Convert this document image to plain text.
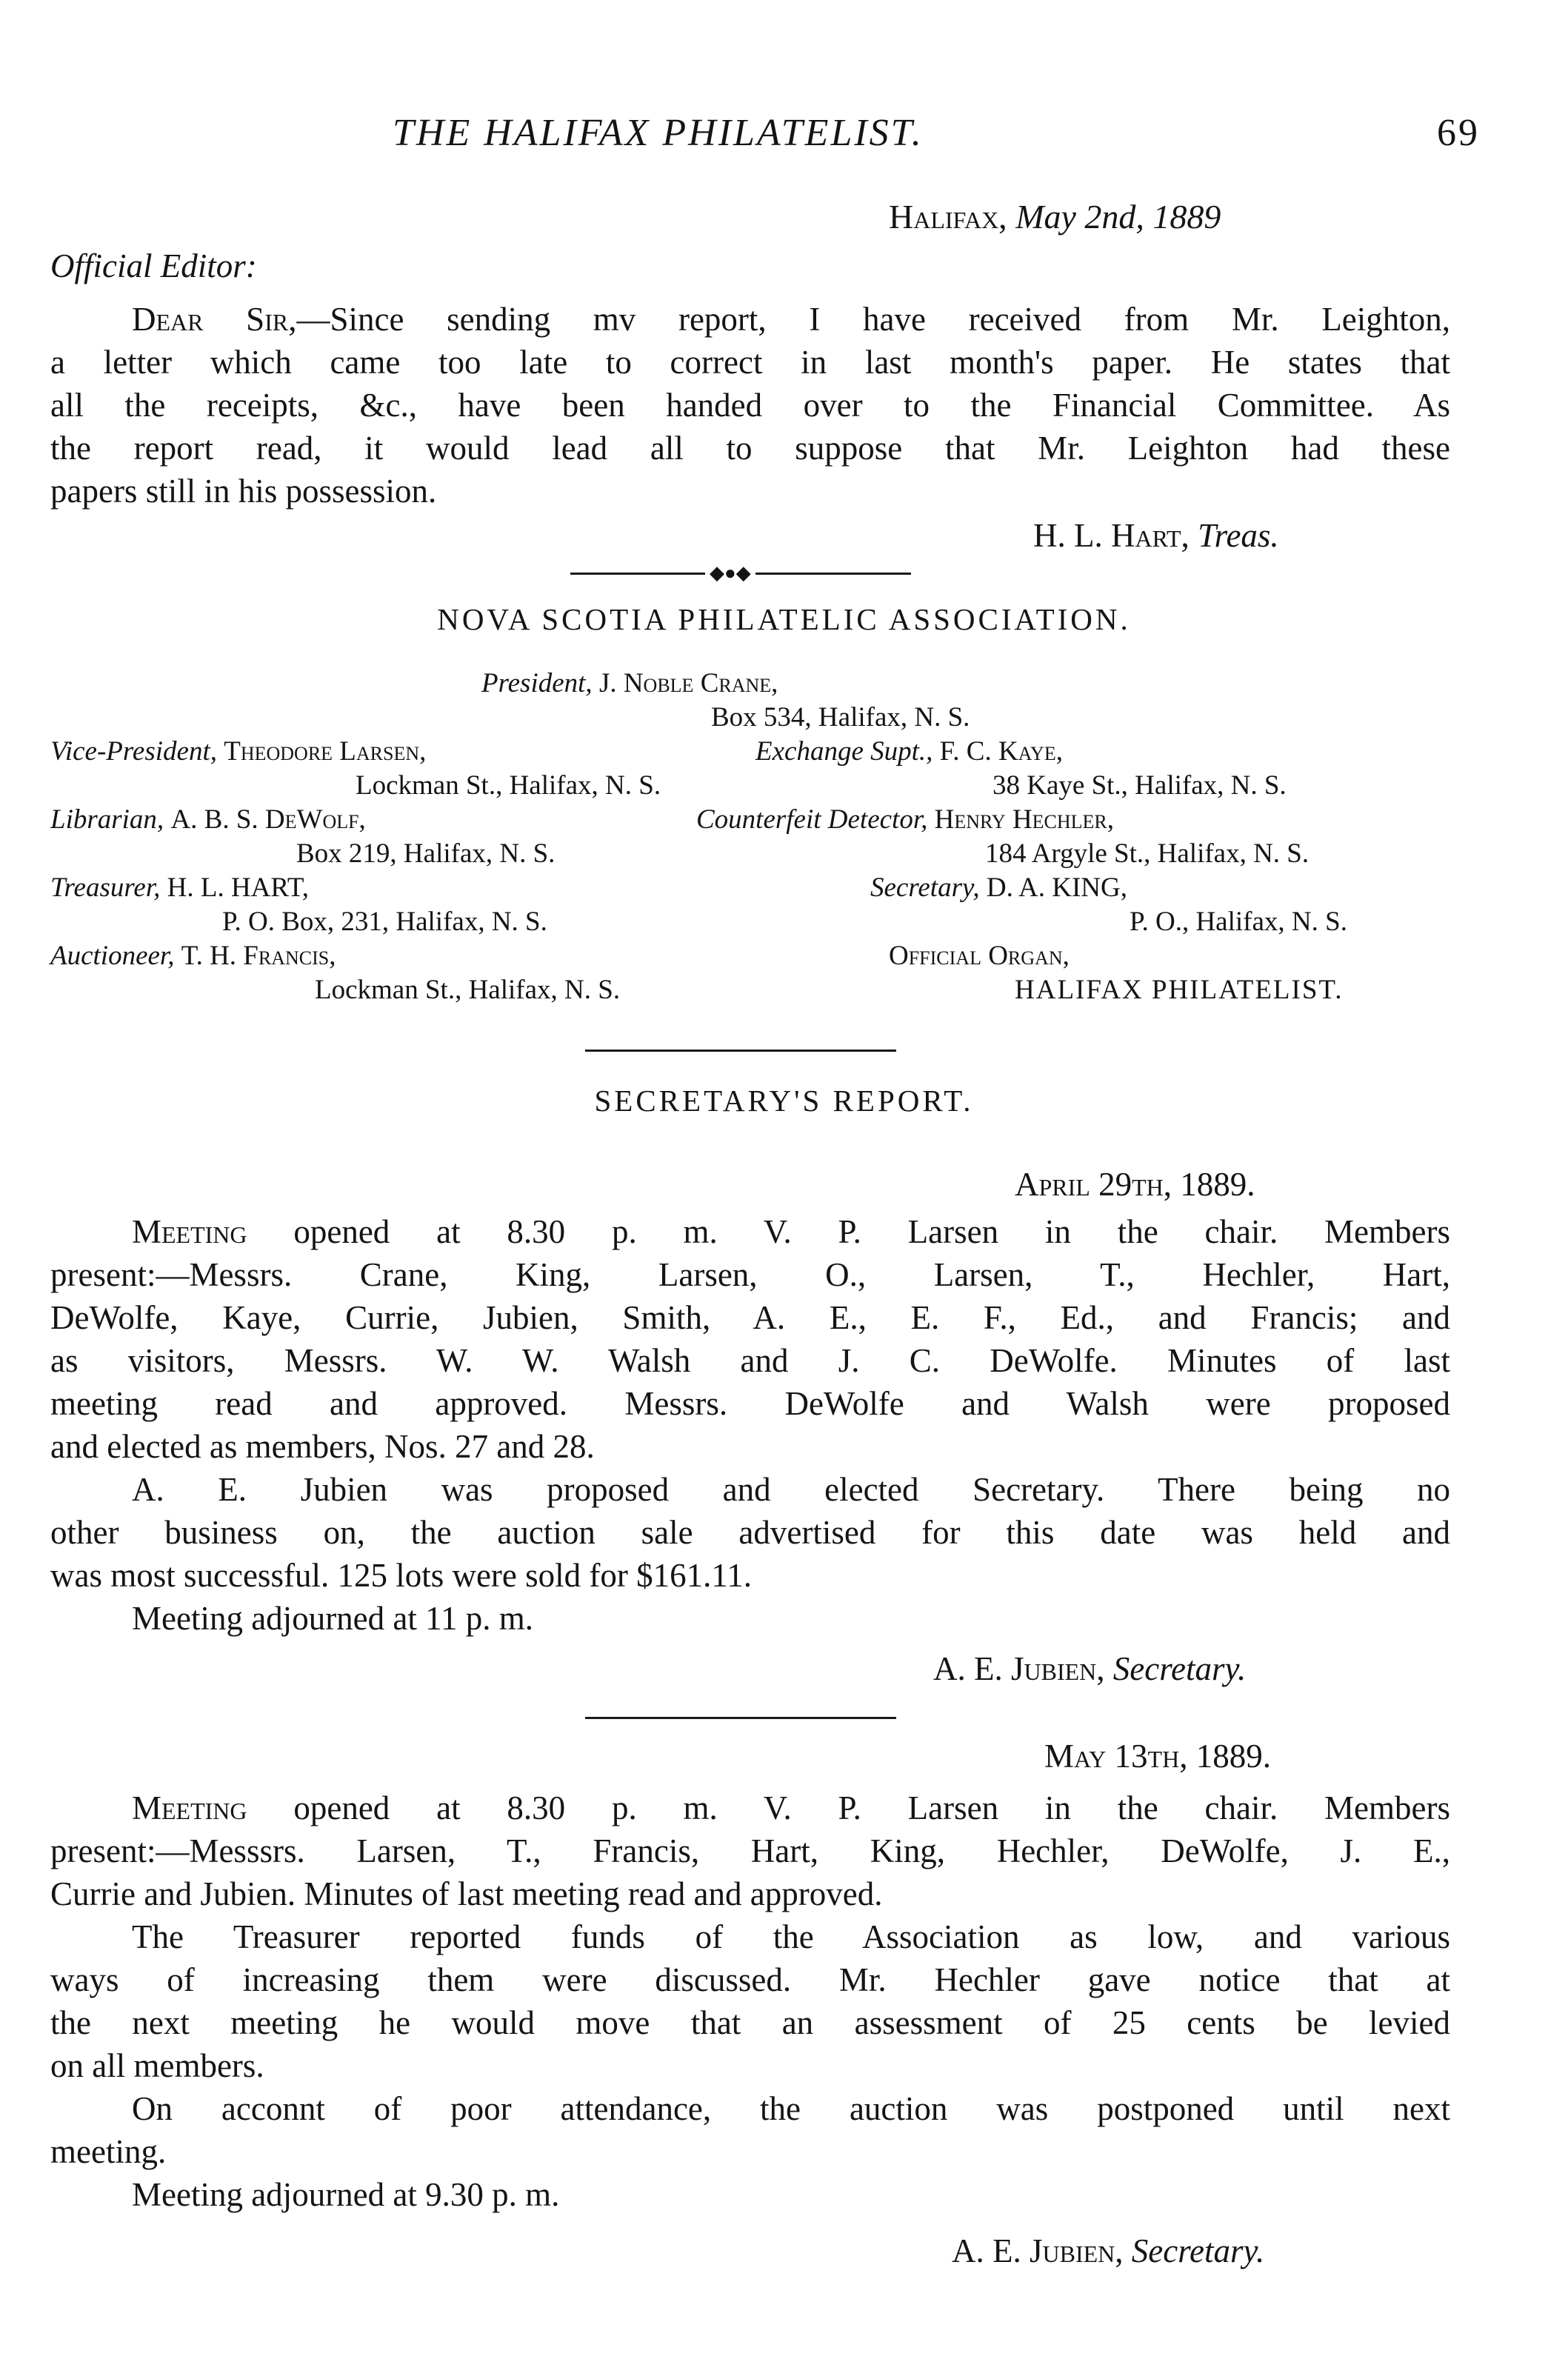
THE HALIFAX PHILATELIST.	69
Halifax, May 2nd, 1889
Official Editor:
Dear Sir,—Since sending mv report, I have received from Mr. Leighton,
a letter which came too late to correct in last month's paper. He states that
all the receipts, &c., have been handed over to the Financial Committee. As
the report read, it would lead all to suppose that Mr. Leighton had these
papers still in his possession.
H. L. Hart, Treas.
◆●◆
NOVA SCOTIA PHILATELIC ASSOCIATION.
President, J. Noble Crane,
Box 534, Halifax, N. S.
Vice-President, Theodore Larsen,
Lockman St., Halifax, N. S.
Exchange Supt., F. C. Kaye,
38 Kaye St., Halifax, N. S.
Librarian, A. B. S. DeWolf,
Box 219, Halifax, N. S.
Counterfeit Detector, Henry Hechler,
184 Argyle St., Halifax, N. S.
Treasurer, H. L. HART,
P. O. Box, 231, Halifax, N. S.
Secretary, D. A. KING,
P. O., Halifax, N. S.
Auctioneer, T. H. Francis,
Lockman St., Halifax, N. S.
Official Organ,
HALIFAX PHILATELIST.
SECRETARY'S REPORT.
April 29th, 1889.
Meeting opened at 8.30 p. m. V. P. Larsen in the chair. Members
present:—Messrs. Crane, King, Larsen, O., Larsen, T., Hechler, Hart,
DeWolfe, Kaye, Currie, Jubien, Smith, A. E., E. F., Ed., and Francis; and
as visitors, Messrs. W. W. Walsh and J. C. DeWolfe. Minutes of last
meeting read and approved. Messrs. DeWolfe and Walsh were proposed
and elected as members, Nos. 27 and 28.
A. E. Jubien was proposed and elected Secretary. There being no
other business on, the auction sale advertised for this date was held and
was most successful. 125 lots were sold for $161.11.
Meeting adjourned at 11 p. m.
A. E. Jubien, Secretary.
May 13th, 1889.
Meeting opened at 8.30 p. m. V. P. Larsen in the chair. Members
present:—Messsrs. Larsen, T., Francis, Hart, King, Hechler, DeWolfe, J. E.,
Currie and Jubien. Minutes of last meeting read and approved.
The Treasurer reported funds of the Association as low, and various
ways of increasing them were discussed. Mr. Hechler gave notice that at
the next meeting he would move that an assessment of 25 cents be levied
on all members.
On acconnt of poor attendance, the auction was postponed until next
meeting.
Meeting adjourned at 9.30 p. m.
A. E. Jubien, Secretary.
